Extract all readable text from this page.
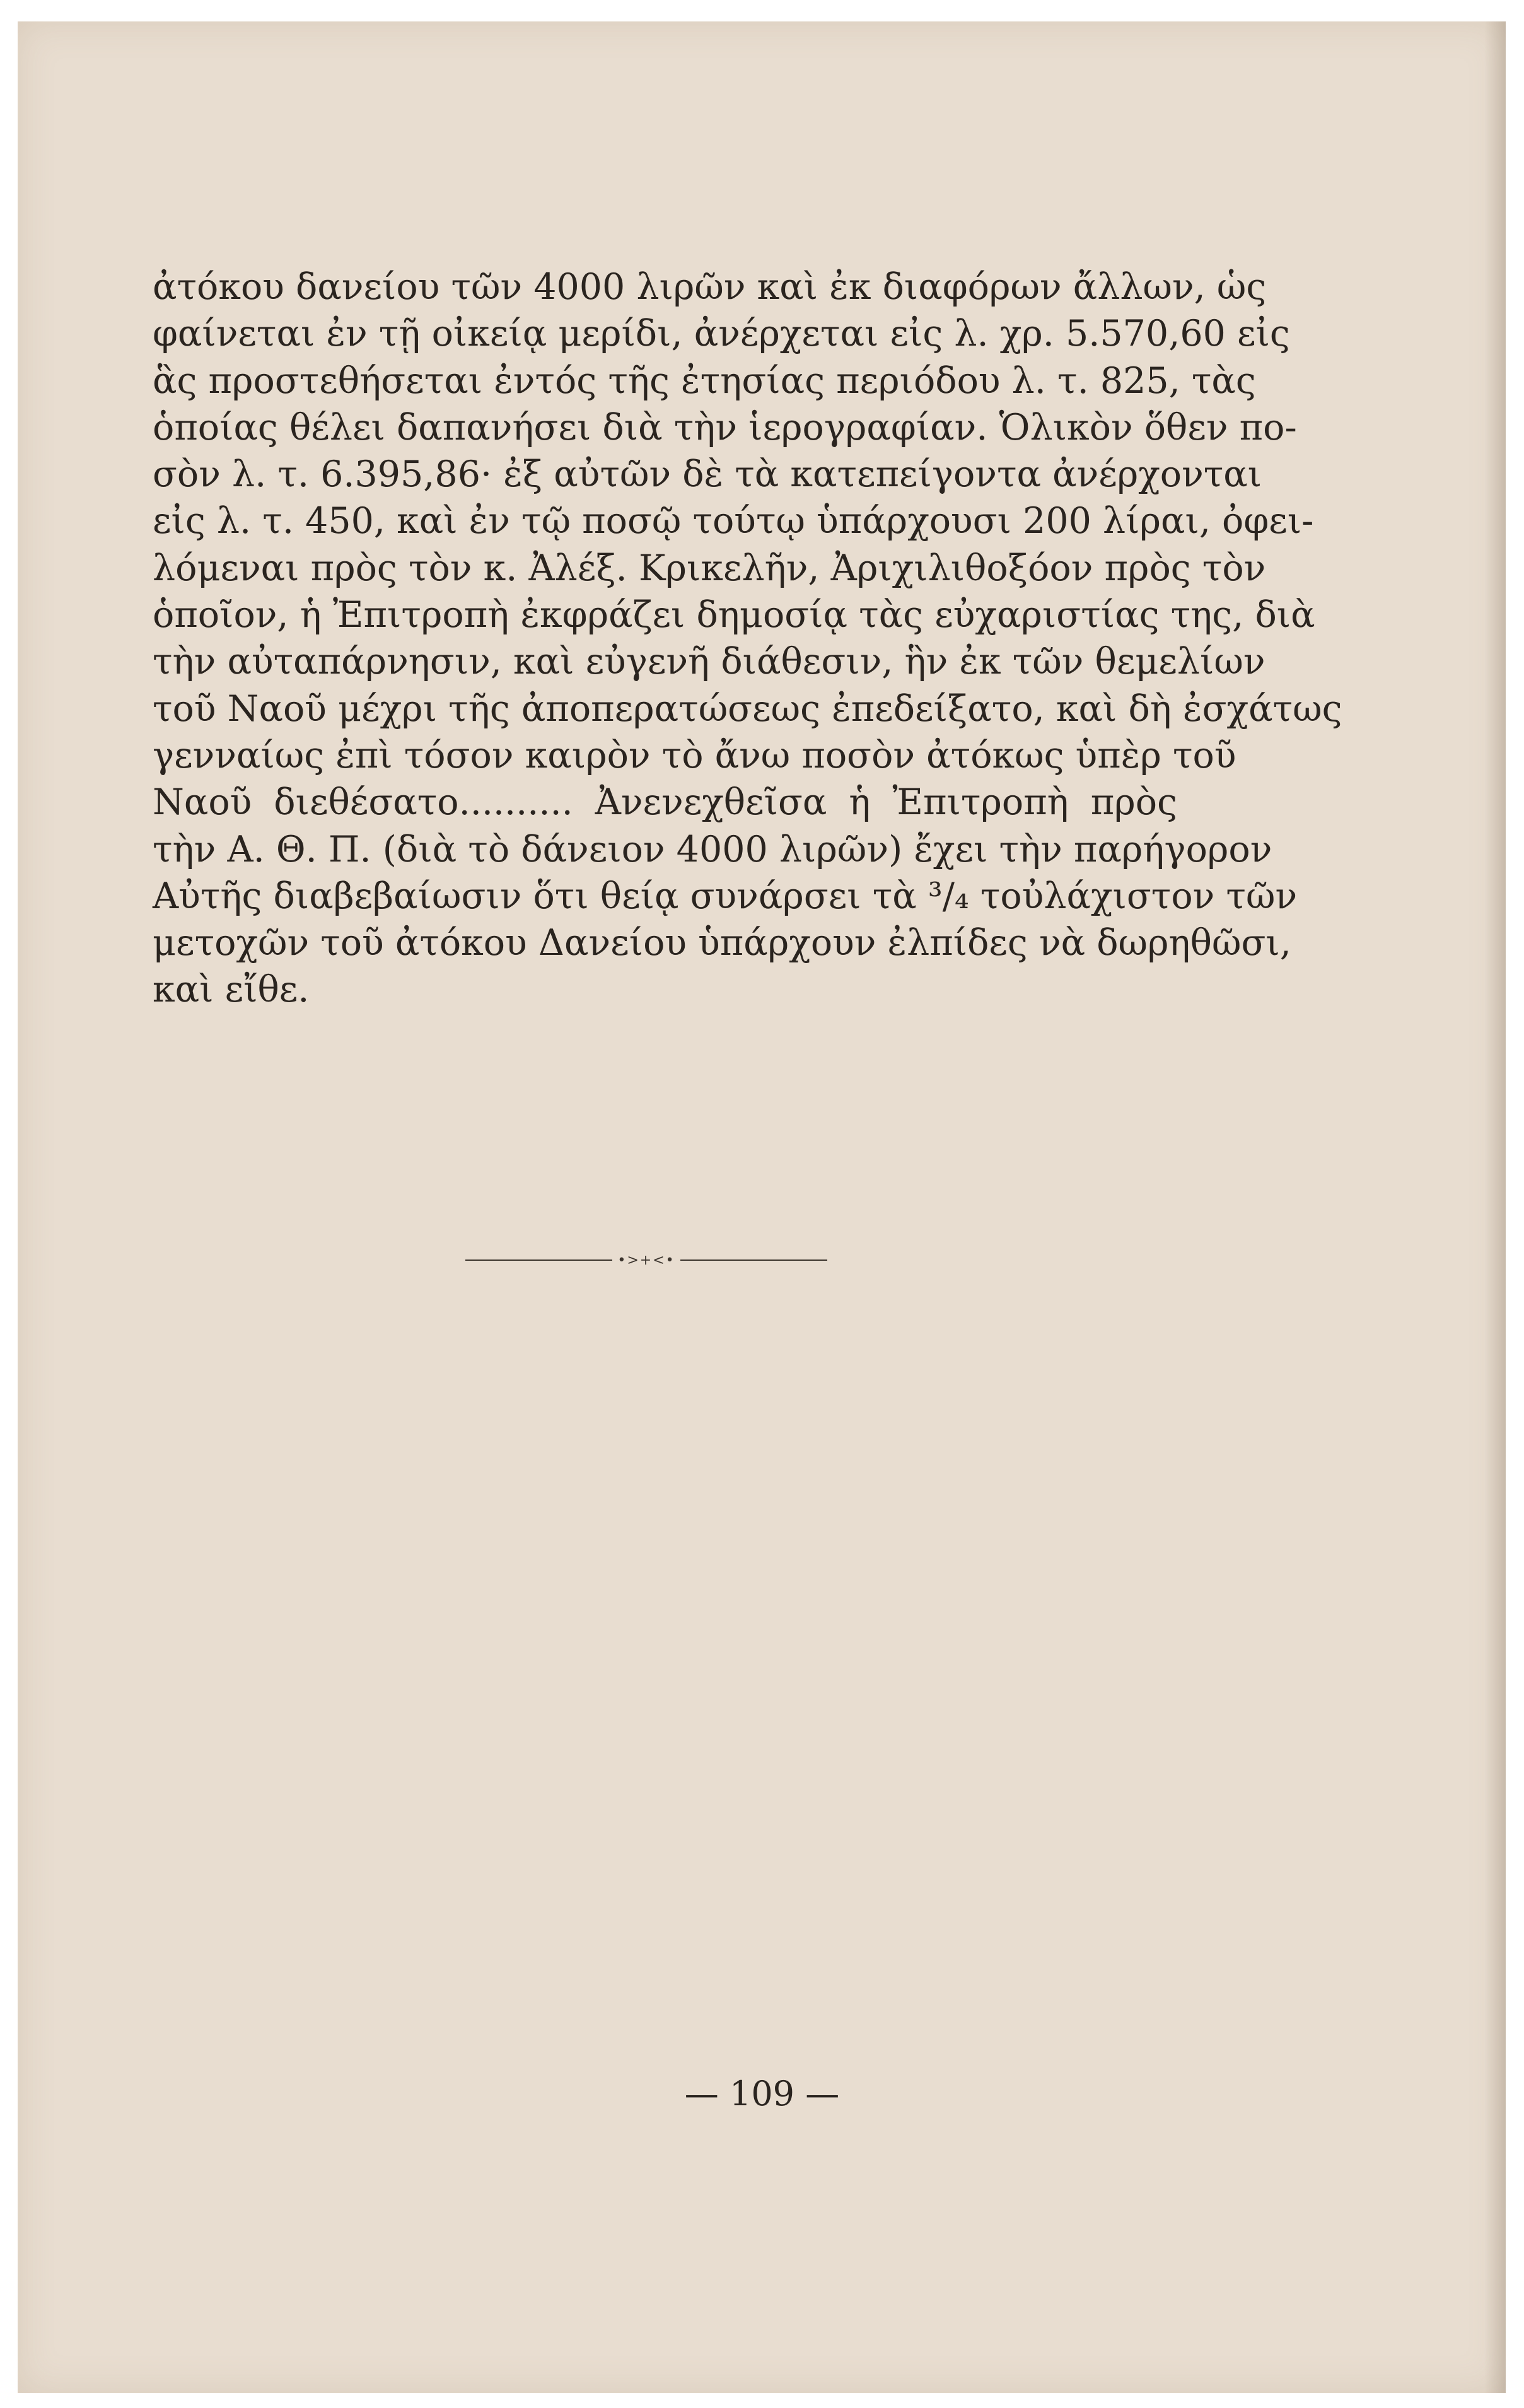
ἀτόκου δανείου τῶν 4000 λιρῶν καὶ ἐκ διαφόρων ἄλλων, ὡς
φαίνεται ἐν τῇ οἰκείᾳ μερίδι, ἀνέρχεται εἰς λ. χρ. 5.570,60 εἰς
ἃς προστεθήσεται ἐντός τῆς ἐτησίας περιόδου λ. τ. 825, τὰς
ὁποίας θέλει δαπανήσει διὰ τὴν ἱερογραφίαν. Ὁλικὸν ὅθεν πο-
σὸν λ. τ. 6.395,86· ἐξ αὐτῶν δὲ τὰ κατεπείγοντα ἀνέρχονται
εἰς λ. τ. 450, καὶ ἐν τῷ ποσῷ τούτῳ ὑπάρχουσι 200 λίραι, ὀφει-
λόμεναι πρὸς τὸν κ. Ἀλέξ. Κρικελῆν, Ἀριχιλιθοξόον πρὸς τὸν
ὁποῖον, ἡ Ἐπιτροπὴ ἐκφράζει δημοσίᾳ τὰς εὐχαριστίας της, διὰ
τὴν αὐταπάρνησιν, καὶ εὐγενῆ διάθεσιν, ἣν ἐκ τῶν θεμελίων
τοῦ Ναοῦ μέχρι τῆς ἀποπερατώσεως ἐπεδείξατο, καὶ δὴ ἐσχάτως
γενναίως ἐπὶ τόσον καιρὸν τὸ ἄνω ποσὸν ἀτόκως ὑπὲρ τοῦ
Ναοῦ διεθέσατο.......... Ἀνενεχθεῖσα ἡ Ἐπιτροπὴ πρὸς
τὴν Α. Θ. Π. (διὰ τὸ δάνειον 4000 λιρῶν) ἔχει τὴν παρήγορον
Αὐτῆς διαβεβαίωσιν ὅτι θείᾳ συνάρσει τὰ ³/₄ τοὐλάχιστον τῶν
μετοχῶν τοῦ ἀτόκου Δανείου ὑπάρχουν ἐλπίδες νὰ δωρηθῶσι,
καὶ εἴθε.
•>+<•
— 109 —
